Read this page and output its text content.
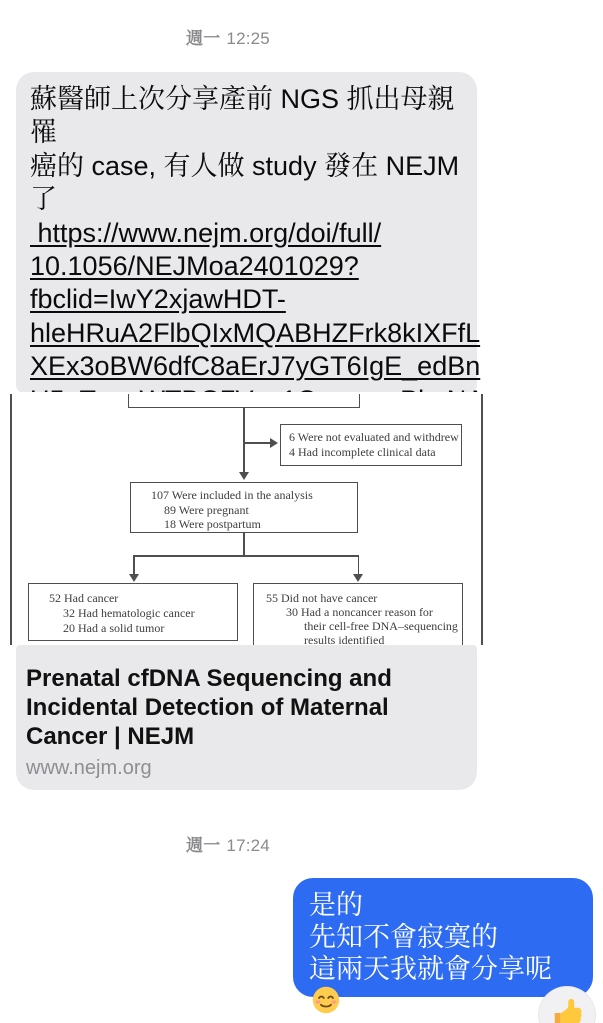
週一 12:25
蘇醫師上次分享產前 NGS 抓出母親罹
癌的 case, 有人做 study 發在 NEJM 了
https://www.nejm.org/doi/full/
10.1056/NEJMoa2401029?
fbclid=IwY2xjawHDT-
hleHRuA2FlbQIxMQABHZFrk8kIXFfL
XEx3oBW6dfC8aErJ7yGT6IgE_edBn
6 Were not evaluated and withdrew
4 Had incomplete clinical data
107 Were included in the analysis
89 Were pregnant
18 Were postpartum
52 Had cancer
32 Had hematologic cancer
20 Had a solid tumor
55 Did not have cancer
30 Had a noncancer reason for
their cell-free DNA–sequencing
results identified
Prenatal cfDNA Sequencing and
Incidental Detection of Maternal
Cancer | NEJM
www.nejm.org
週一 17:24
是的
先知不會寂寞的
這兩天我就會分享呢
